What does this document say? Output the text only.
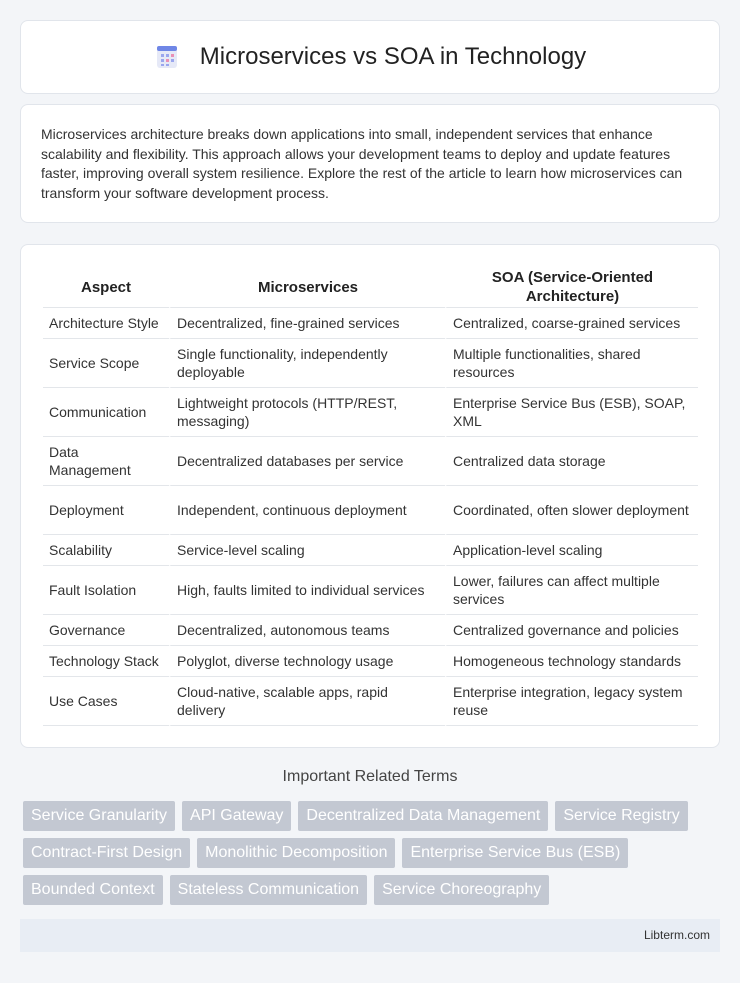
Microservices vs SOA in Technology

Microservices architecture breaks down applications into small, independent services that enhance scalability and flexibility. This approach allows your development teams to deploy and update features faster, improving overall system resilience. Explore the rest of the article to learn how microservices can transform your software development process.

Aspect	Microservices	SOA (Service-Oriented Architecture)
Architecture Style	Decentralized, fine-grained services	Centralized, coarse-grained services
Service Scope	Single functionality, independently deployable	Multiple functionalities, shared resources
Communication	Lightweight protocols (HTTP/REST, messaging)	Enterprise Service Bus (ESB), SOAP, XML
Data Management	Decentralized databases per service	Centralized data storage
Deployment	Independent, continuous deployment	Coordinated, often slower deployment
Scalability	Service-level scaling	Application-level scaling
Fault Isolation	High, faults limited to individual services	Lower, failures can affect multiple services
Governance	Decentralized, autonomous teams	Centralized governance and policies
Technology Stack	Polyglot, diverse technology usage	Homogeneous technology standards
Use Cases	Cloud-native, scalable apps, rapid delivery	Enterprise integration, legacy system reuse
Important Related Terms
Service Granularity	API Gateway	Decentralized Data Management	Service Registry
Contract-First Design	Monolithic Decomposition	Enterprise Service Bus (ESB)
Bounded Context	Stateless Communication	Service Choreography
Libterm.com
